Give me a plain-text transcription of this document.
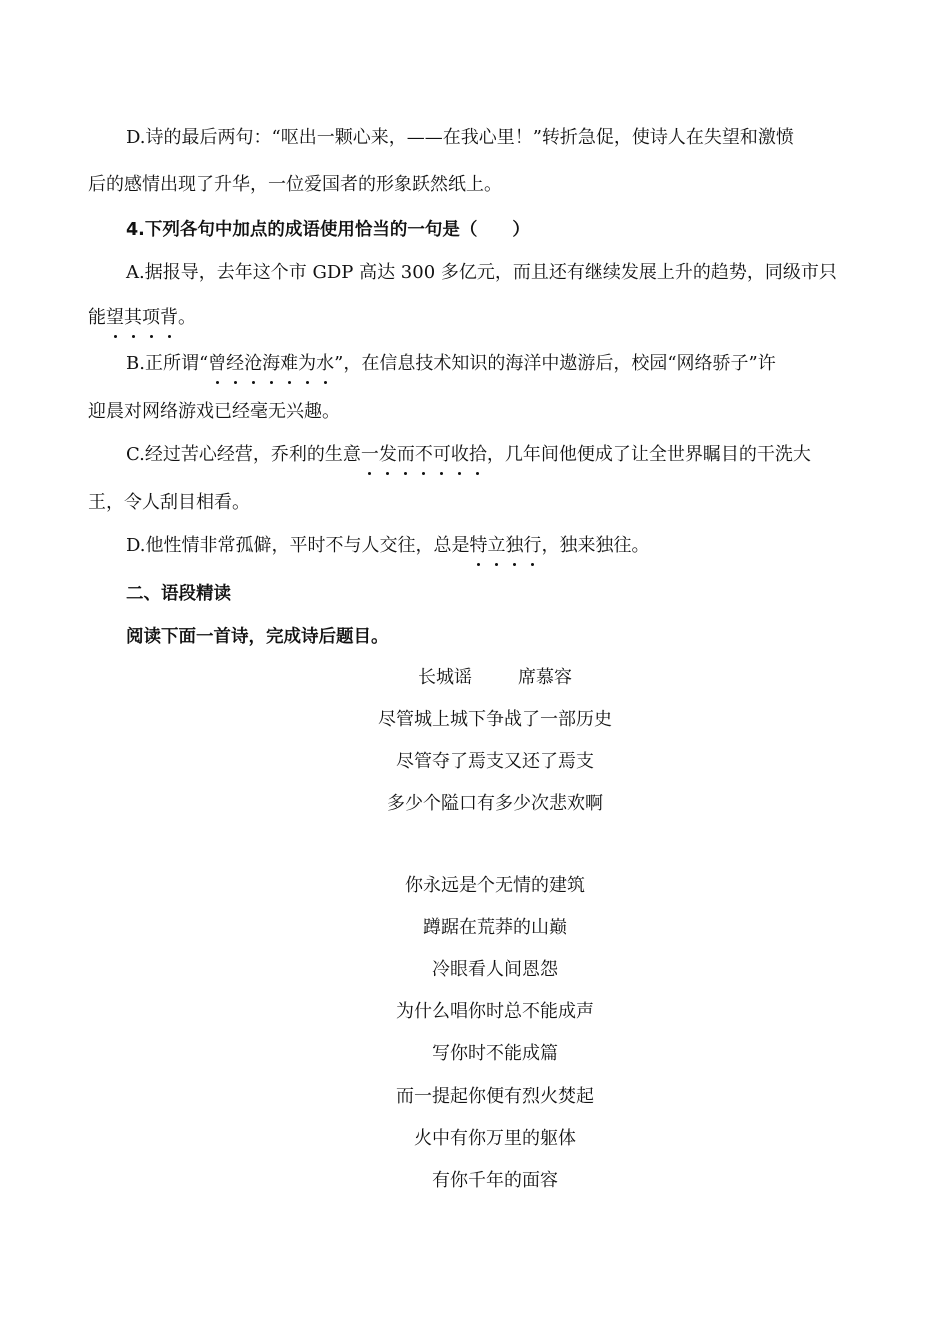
D.诗的最后两句：“呕出一颗心来，——在我心里！”转折急促，使诗人在失望和激愤
后的感情出现了升华，一位爱国者的形象跃然纸上。
4.下列各句中加点的成语使用恰当的一句是（　　）
A.据报导，去年这个市 GDP 高达 300 多亿元，而且还有继续发展上升的趋势，同级市只
能望其项背。
B.正所谓“曾经沧海难为水”，在信息技术知识的海洋中遨游后，校园“网络骄子”许
迎晨对网络游戏已经毫无兴趣。
C.经过苦心经营，乔利的生意一发而不可收拾，几年间他便成了让全世界瞩目的干洗大
王，令人刮目相看。
D.他性情非常孤僻，平时不与人交往，总是特立独行，独来独往。
二、语段精读
阅读下面一首诗，完成诗后题目。
长城谣	席慕容
尽管城上城下争战了一部历史
尽管夺了焉支又还了焉支
多少个隘口有多少次悲欢啊
你永远是个无情的建筑
蹲踞在荒莽的山巅
冷眼看人间恩怨
为什么唱你时总不能成声
写你时不能成篇
而一提起你便有烈火焚起
火中有你万里的躯体
有你千年的面容
